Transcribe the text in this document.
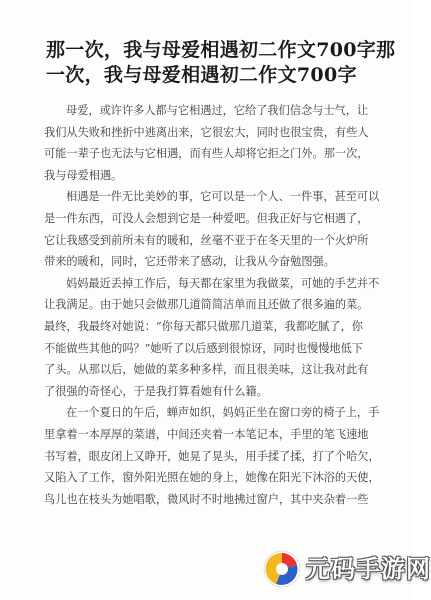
那一次，我与母爱相遇初二作文700字那
一次，我与母爱相遇初二作文700字
母爱，或许许多人都与它相遇过，它给了我们信念与士气，让
我们从失败和挫折中逃离出来，它很宏大，同时也很宝贵，有些人
可能一辈子也无法与它相遇，而有些人却将它拒之门外。那一次，
我与母爱相遇。
相遇是一件无比美妙的事，它可以是一个人、一件事，甚至可以
是一件东西，可没人会想到它是一种爱吧。但我正好与它相遇了，
它让我感受到前所未有的暖和，丝毫不亚于在冬天里的一个火炉所
带来的暖和，同时，它还带来了感动，让我从今奋勉图强。
妈妈最近丢掉工作后，每天都在家里为我做菜，可她的手艺并不
让我满足。由于她只会做那几道简简洁单而且还做了很多遍的菜。
最终，我最终对她说：“你每天都只做那几道菜，我都吃腻了，你
不能做些其他的吗？”她听了以后感到很惊讶，同时也慢慢地低下
了头。从那以后，她做的菜多种多样，而且很美味，这让我对此有
了很强的奇怪心，于是我打算看她有什么籍。
在一个夏日的午后，蝉声如织，妈妈正坐在窗口旁的椅子上，手
里拿着一本厚厚的菜谱，中间还夹着一本笔记本，手里的笔飞速地
书写着，眼皮闭上又睁开，她晃了晃头，用手揉了揉，打了个哈欠，
又陷入了工作，窗外阳光照在她的身上，她像在阳光下沐浴的天使，
鸟儿也在枝头为她唱歌，微风时不时地拂过窗户，其中夹杂着一些
元码手游网
